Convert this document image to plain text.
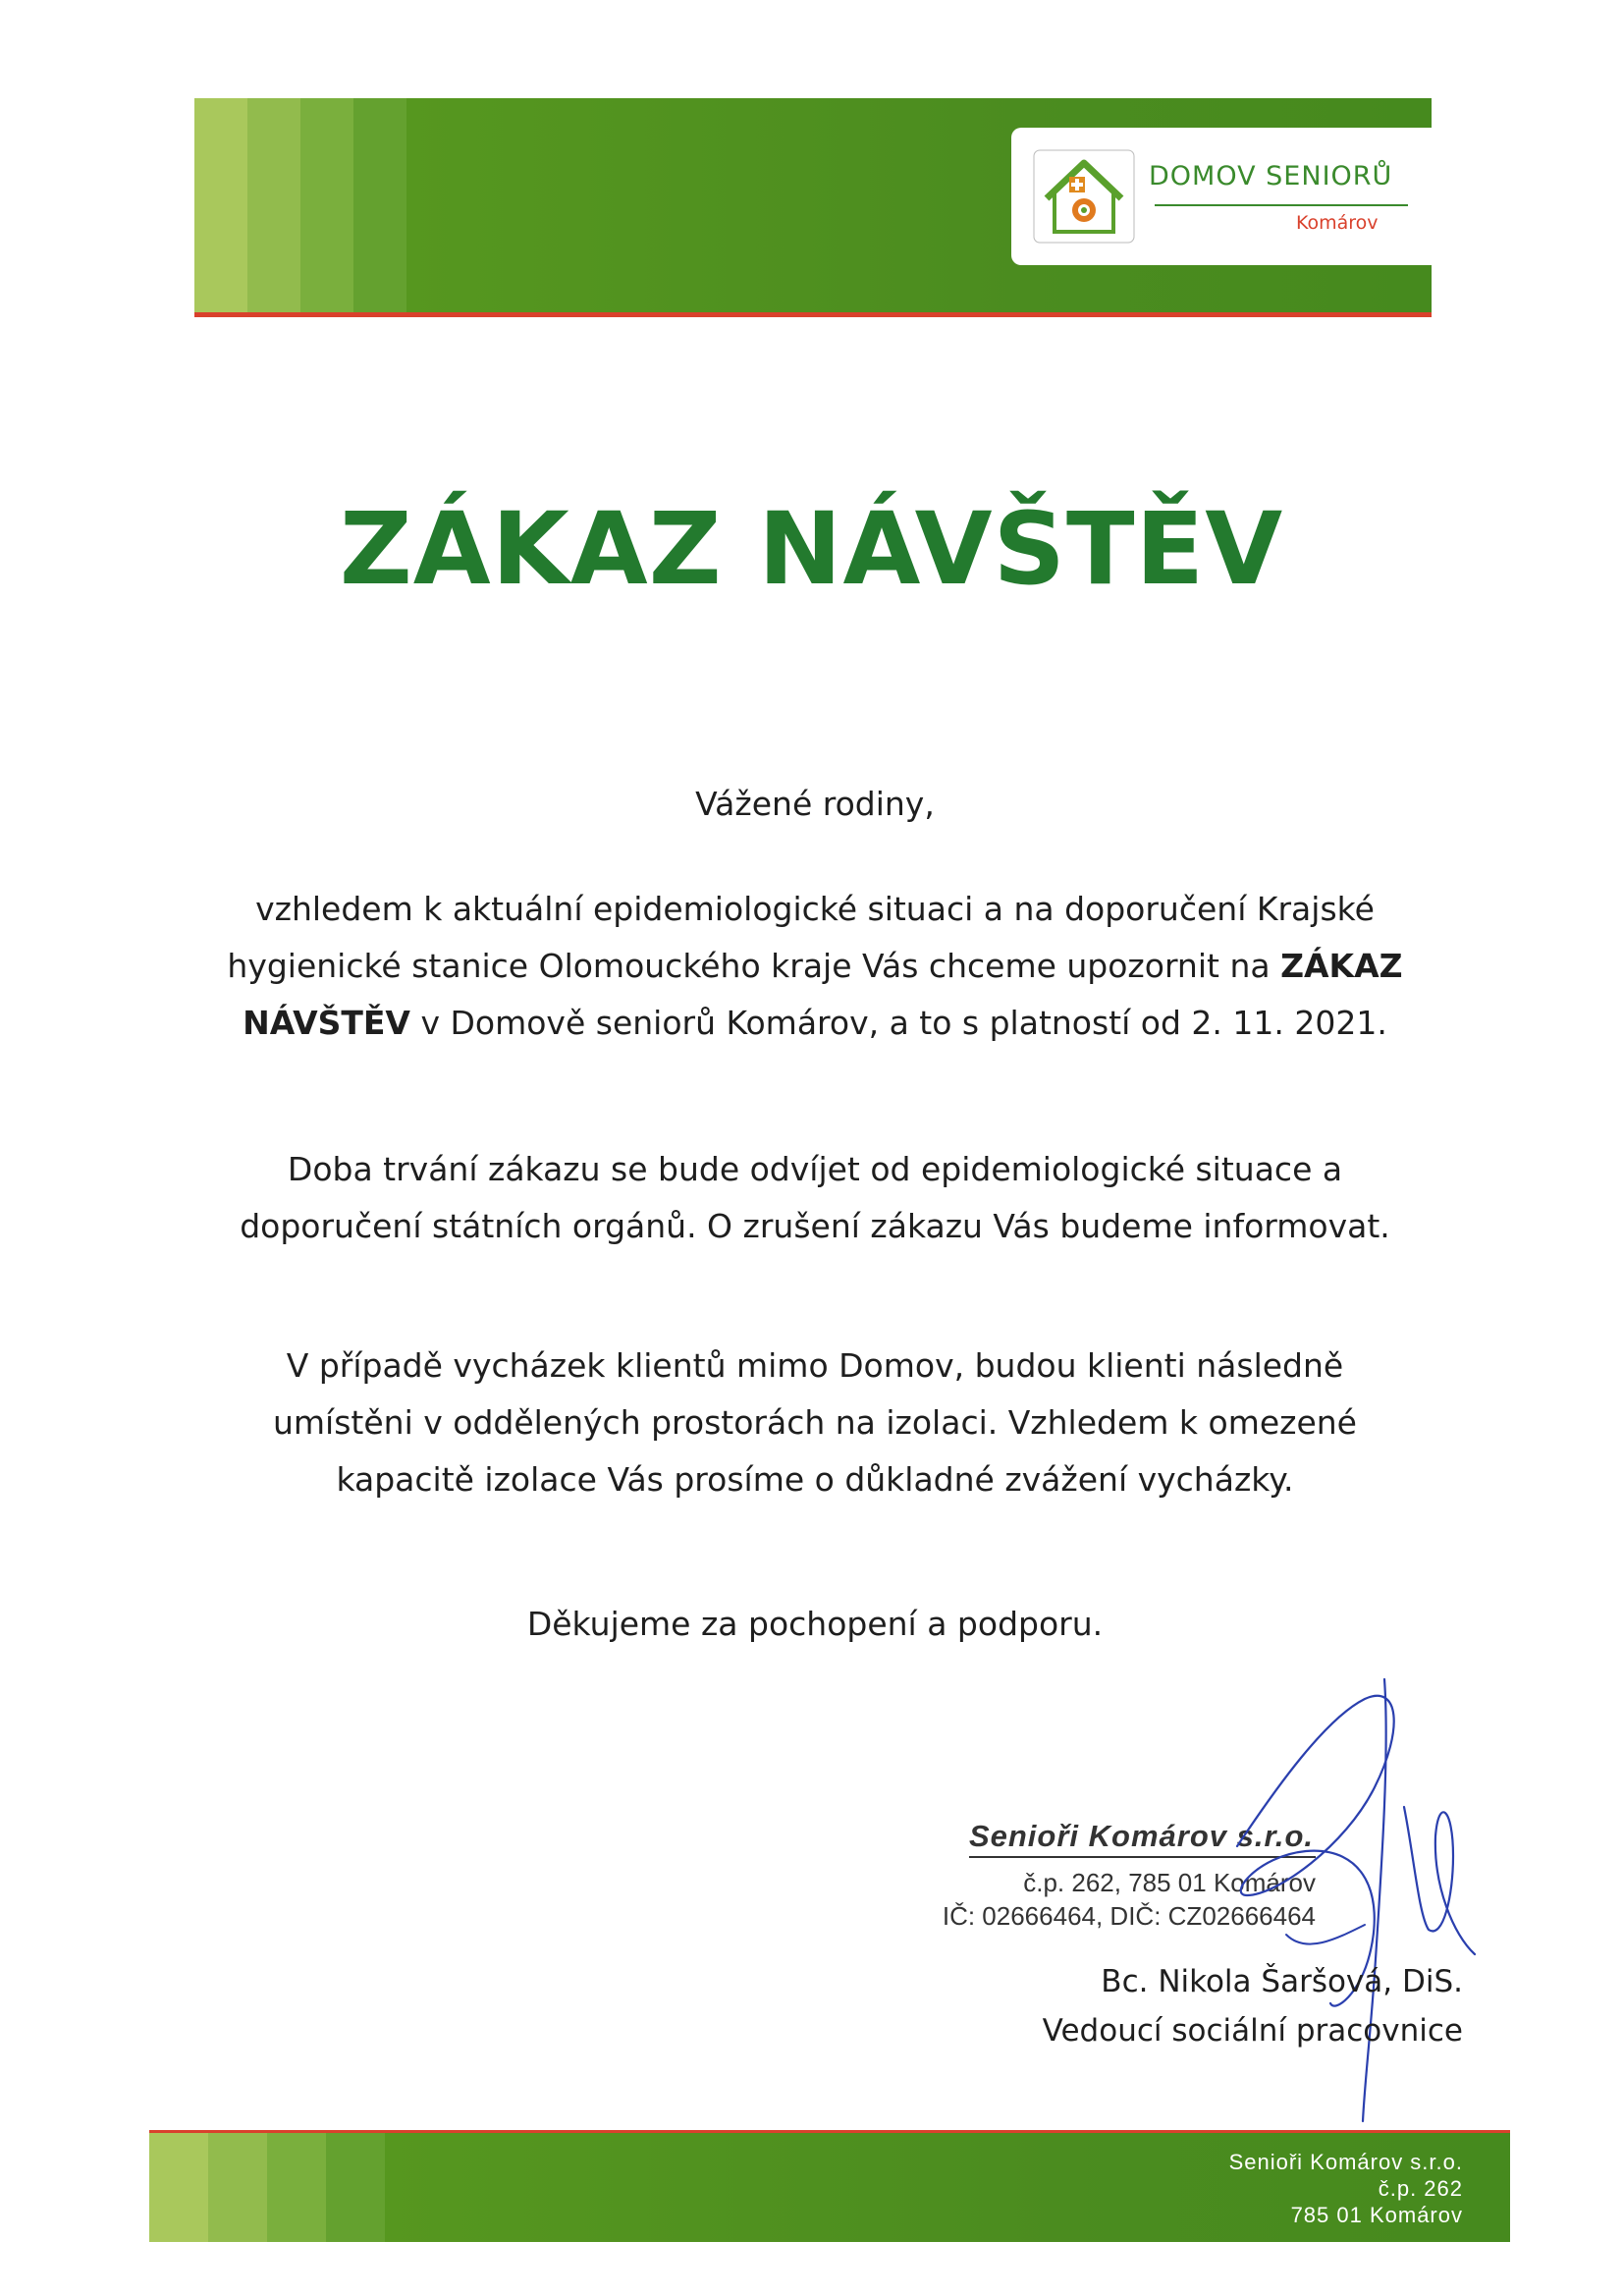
DOMOV SENIORŮ
Komárov
ZÁKAZ NÁVŠTĚV
Vážené rodiny,
vzhledem k aktuální epidemiologické situaci a na doporučení Krajské
hygienické stanice Olomouckého kraje Vás chceme upozornit na ZÁKAZ
NÁVŠTĚV v Domově seniorů Komárov, a to s platností od 2. 11. 2021.
Doba trvání zákazu se bude odvíjet od epidemiologické situace a
doporučení státních orgánů. O zrušení zákazu Vás budeme informovat.
V případě vycházek klientů mimo Domov, budou klienti následně
umístěni v oddělených prostorách na izolaci. Vzhledem k omezené
kapacitě izolace Vás prosíme o důkladné zvážení vycházky.
Děkujeme za pochopení a podporu.
Senioři Komárov s.r.o.
č.p. 262, 785 01 Komárov
IČ: 02666464, DIČ: CZ02666464
Bc. Nikola Šaršová, DiS.
Vedoucí sociální pracovnice
Senioři Komárov s.r.o.
č.p. 262
785 01 Komárov
